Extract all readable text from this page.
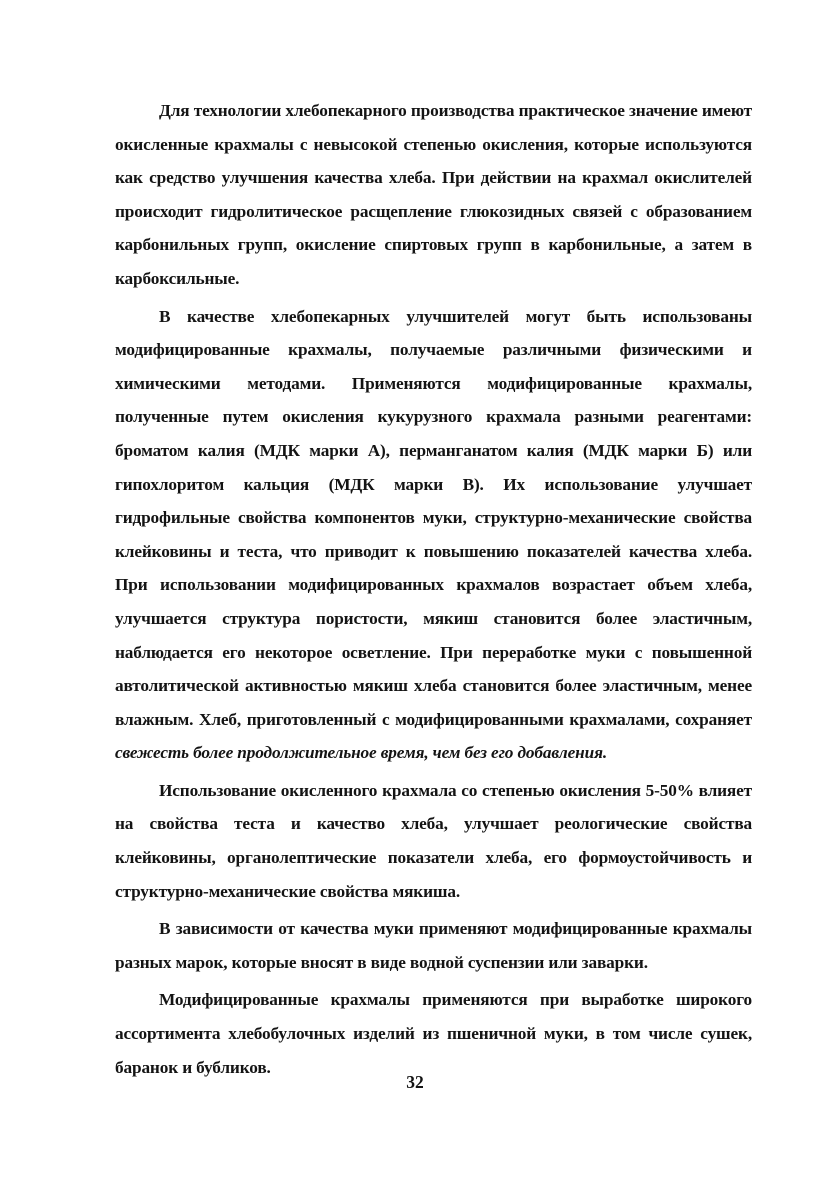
Для технологии хлебопекарного производства практическое значение имеют окисленные крахмалы с невысокой степенью окисления, которые используются как средство улучшения качества хлеба. При действии на крахмал окислителей происходит гидролитическое расщепление глюкозидных связей с образованием карбонильных групп, окисление спиртовых групп в карбонильные, а затем в карбоксильные.

В качестве хлебопекарных улучшителей могут быть использованы модифицированные крахмалы, получаемые различными физическими и химическими методами. Применяются модифицированные крахмалы, полученные путем окисления кукурузного крахмала разными реагентами: броматом калия (МДК марки А), перманганатом калия (МДК марки Б) или гипохлоритом кальция (МДК марки В). Их использование улучшает гидрофильные свойства компонентов муки, структурно-механические свойства клейковины и теста, что приводит к повышению показателей качества хлеба. При использовании модифицированных крахмалов возрастает объем хлеба, улучшается структура пористости, мякиш становится более эластичным, наблюдается его некоторое осветление. При переработке муки с повышенной автолитической активностью мякиш хлеба становится более эластичным, менее влажным. Хлеб, приготовленный с модифицированными крахмалами, сохраняет свежесть более продолжительное время, чем без его добавления.

Использование окисленного крахмала со степенью окисления 5-50% влияет на свойства теста и качество хлеба, улучшает реологические свойства клейковины, органолептические показатели хлеба, его формоустойчивость и структурно-механические свойства мякиша.

В зависимости от качества муки применяют модифицированные крахмалы разных марок, которые вносят в виде водной суспензии или заварки.

Модифицированные крахмалы применяются при выработке широкого ассортимента хлебобулочных изделий из пшеничной муки, в том числе сушек, баранок и бубликов.

32
